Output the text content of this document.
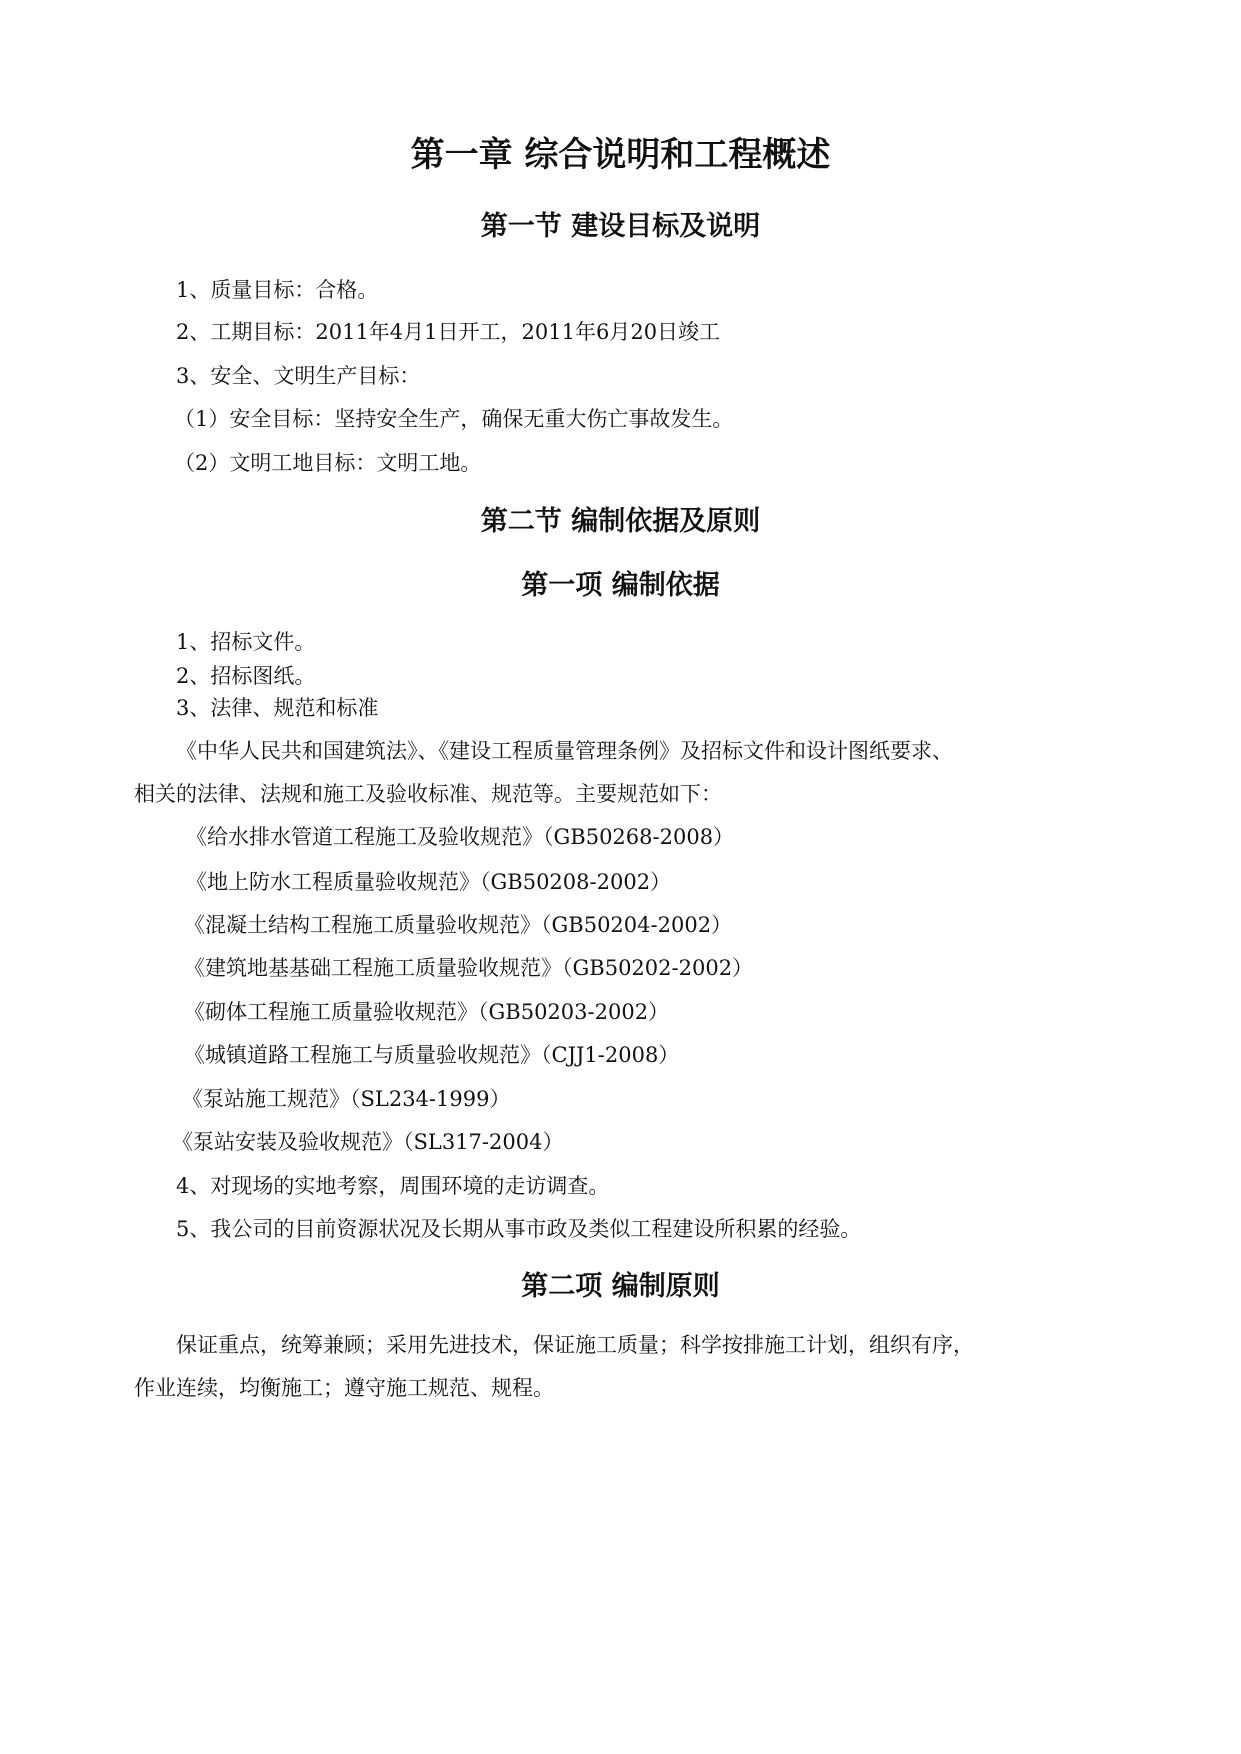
第一章 综合说明和工程概述
第一节 建设目标及说明
1、质量目标：合格。
2、工期目标：2011年4月1日开工，2011年6月20日竣工
3、安全、文明生产目标：
（1）安全目标：坚持安全生产，确保无重大伤亡事故发生。
（2）文明工地目标：文明工地。
第二节 编制依据及原则
第一项 编制依据
1、招标文件。
2、招标图纸。
3、法律、规范和标准
《中华人民共和国建筑法》、《建设工程质量管理条例》及招标文件和设计图纸要求、
相关的法律、法规和施工及验收标准、规范等。主要规范如下：
《给水排水管道工程施工及验收规范》（GB50268-2008）
《地上防水工程质量验收规范》（GB50208-2002）
《混凝土结构工程施工质量验收规范》（GB50204-2002）
《建筑地基基础工程施工质量验收规范》（GB50202-2002）
《砌体工程施工质量验收规范》（GB50203-2002）
《城镇道路工程施工与质量验收规范》（CJJ1-2008）
《泵站施工规范》（SL234-1999）
《泵站安装及验收规范》（SL317-2004）
4、对现场的实地考察，周围环境的走访调查。
5、我公司的目前资源状况及长期从事市政及类似工程建设所积累的经验。
第二项 编制原则
保证重点，统筹兼顾；采用先进技术，保证施工质量；科学按排施工计划，组织有序，
作业连续，均衡施工；遵守施工规范、规程。
